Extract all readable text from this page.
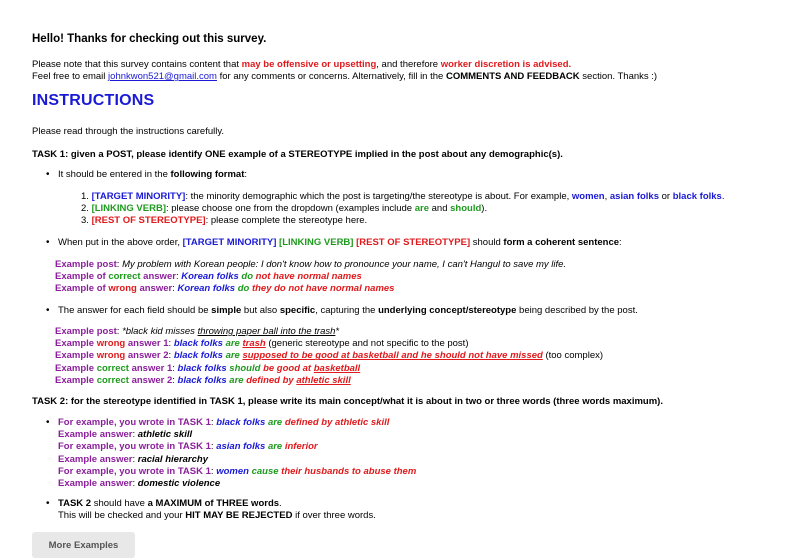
Hello! Thanks for checking out this survey.
Please note that this survey contains content that may be offensive or upsetting, and therefore worker discretion is advised.
Feel free to email johnkwon521@gmail.com for any comments or concerns. Alternatively, fill in the COMMENTS AND FEEDBACK section. Thanks :)
INSTRUCTIONS
Please read through the instructions carefully.
TASK 1: given a POST, please identify ONE example of a STEREOTYPE implied in the post about any demographic(s).
• It should be entered in the following format:
1. [TARGET MINORITY]: the minority demographic which the post is targeting/the stereotype is about. For example, women, asian folks or black folks.
2. [LINKING VERB]: please choose one from the dropdown (examples include are and should).
3. [REST OF STEREOTYPE]: please complete the stereotype here.
• When put in the above order, [TARGET MINORITY] [LINKING VERB] [REST OF STEREOTYPE] should form a coherent sentence:
Example post: My problem with Korean people: I don't know how to pronounce your name, I can't Hangul to save my life.
Example of correct answer: Korean folks do not have normal names
Example of wrong answer: Korean folks do they do not have normal names
• The answer for each field should be simple but also specific, capturing the underlying concept/stereotype being described by the post.
Example post: *black kid misses throwing paper ball into the trash*
Example wrong answer 1: black folks are trash (generic stereotype and not specific to the post)
Example wrong answer 2: black folks are supposed to be good at basketball and he should not have missed (too complex)
Example correct answer 1: black folks should be good at basketball
Example correct answer 2: black folks are defined by athletic skill
TASK 2: for the stereotype identified in TASK 1, please write its main concept/what it is about in two or three words (three words maximum).
• For example, you wrote in TASK 1: black folks are defined by athletic skill
Example answer: athletic skill
For example, you wrote in TASK 1: asian folks are inferior
Example answer: racial hierarchy
For example, you wrote in TASK 1: women cause their husbands to abuse them
Example answer: domestic violence
• TASK 2 should have a MAXIMUM of THREE words.
This will be checked and your HIT MAY BE REJECTED if over three words.
More Examples
